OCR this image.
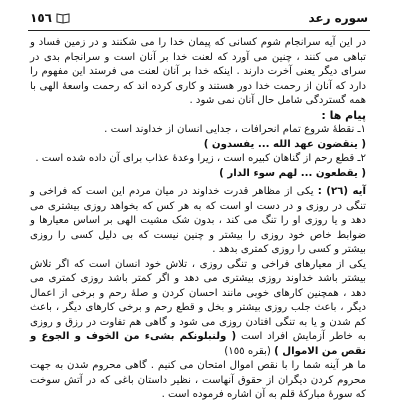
سوره رعد
١٥٦

در این آیه سرانجام شوم کسانی که پیمان خدا را می شکنند و در زمین فساد و تباهی می کنند ، چنین می آورد که لعنت خدا بر آنان است و سرانجام بدی در سرای دیگر یعنی آخرت دارند . اینکه خدا بر آنان لعنت می فرستد این مفهوم را دارد که آنان از رحمت خدا دور هستند و کاری کرده اند که رحمت واسعهٔ الهی با همه گستردگی شامل حال آنان نمی شود .

پیام ها :

١ـ نقطهٔ شروع تمام انحرافات ، جدایی انسان از خداوند است .

( ینقضون عهد الله ... یفسدون )

٢ـ قطع رحم از گناهان کبیره است ، زیرا وعدهٔ عذاب برای آن داده شده است .

( یقطعون ... لهم سوء الدار )

آیه (٢٦) : یکی از مظاهر قدرت خداوند در میان مردم این است که فراخی و تنگی در روزی و در دست او است که به هر کس که بخواهد روزی بیشتری می دهد و یا روزی او را تنگ می کند ، بدون شک مشیت الهی بر اساس معیارها و ضوابط خاص خود روزی را بیشتر و چنین نیست که بی دلیل کسی را روزی بیشتر و کسی را روزی کمتری بدهد .

یکی از معیارهای فراخی و تنگی روزی ، تلاش خود انسان است که اگر تلاش بیشتر باشد خداوند روزی بیشتری می دهد و اگر کمتر باشد روزی کمتری می دهد ، همچنین کارهای خوبی مانند احسان کردن و صلهٔ رحم و برخی از اعمال دیگر ، باعث جلب روزی بیشتر و بخل و قطع رحم و برخی کارهای دیگر ، باعث کم شدن و یا به تنگی افتادن روزی می شود و گاهی هم تفاوت در رزق و روزی به خاطر آزمایش افراد است ( ولنبلونکم بشیء من الخوف و الجوع و نقص من الاموال ) (بقره ١٥٥)

ما هر آینه شما را با نقص اموال امتحان می کنیم . گاهی محروم شدن به جهت محروم کردن دیگران از حقوق آنهاست ، نظیر داستان باغی که در آتش سوخت که سورهٔ مبارکهٔ قلم به آن اشاره فرموده است .
